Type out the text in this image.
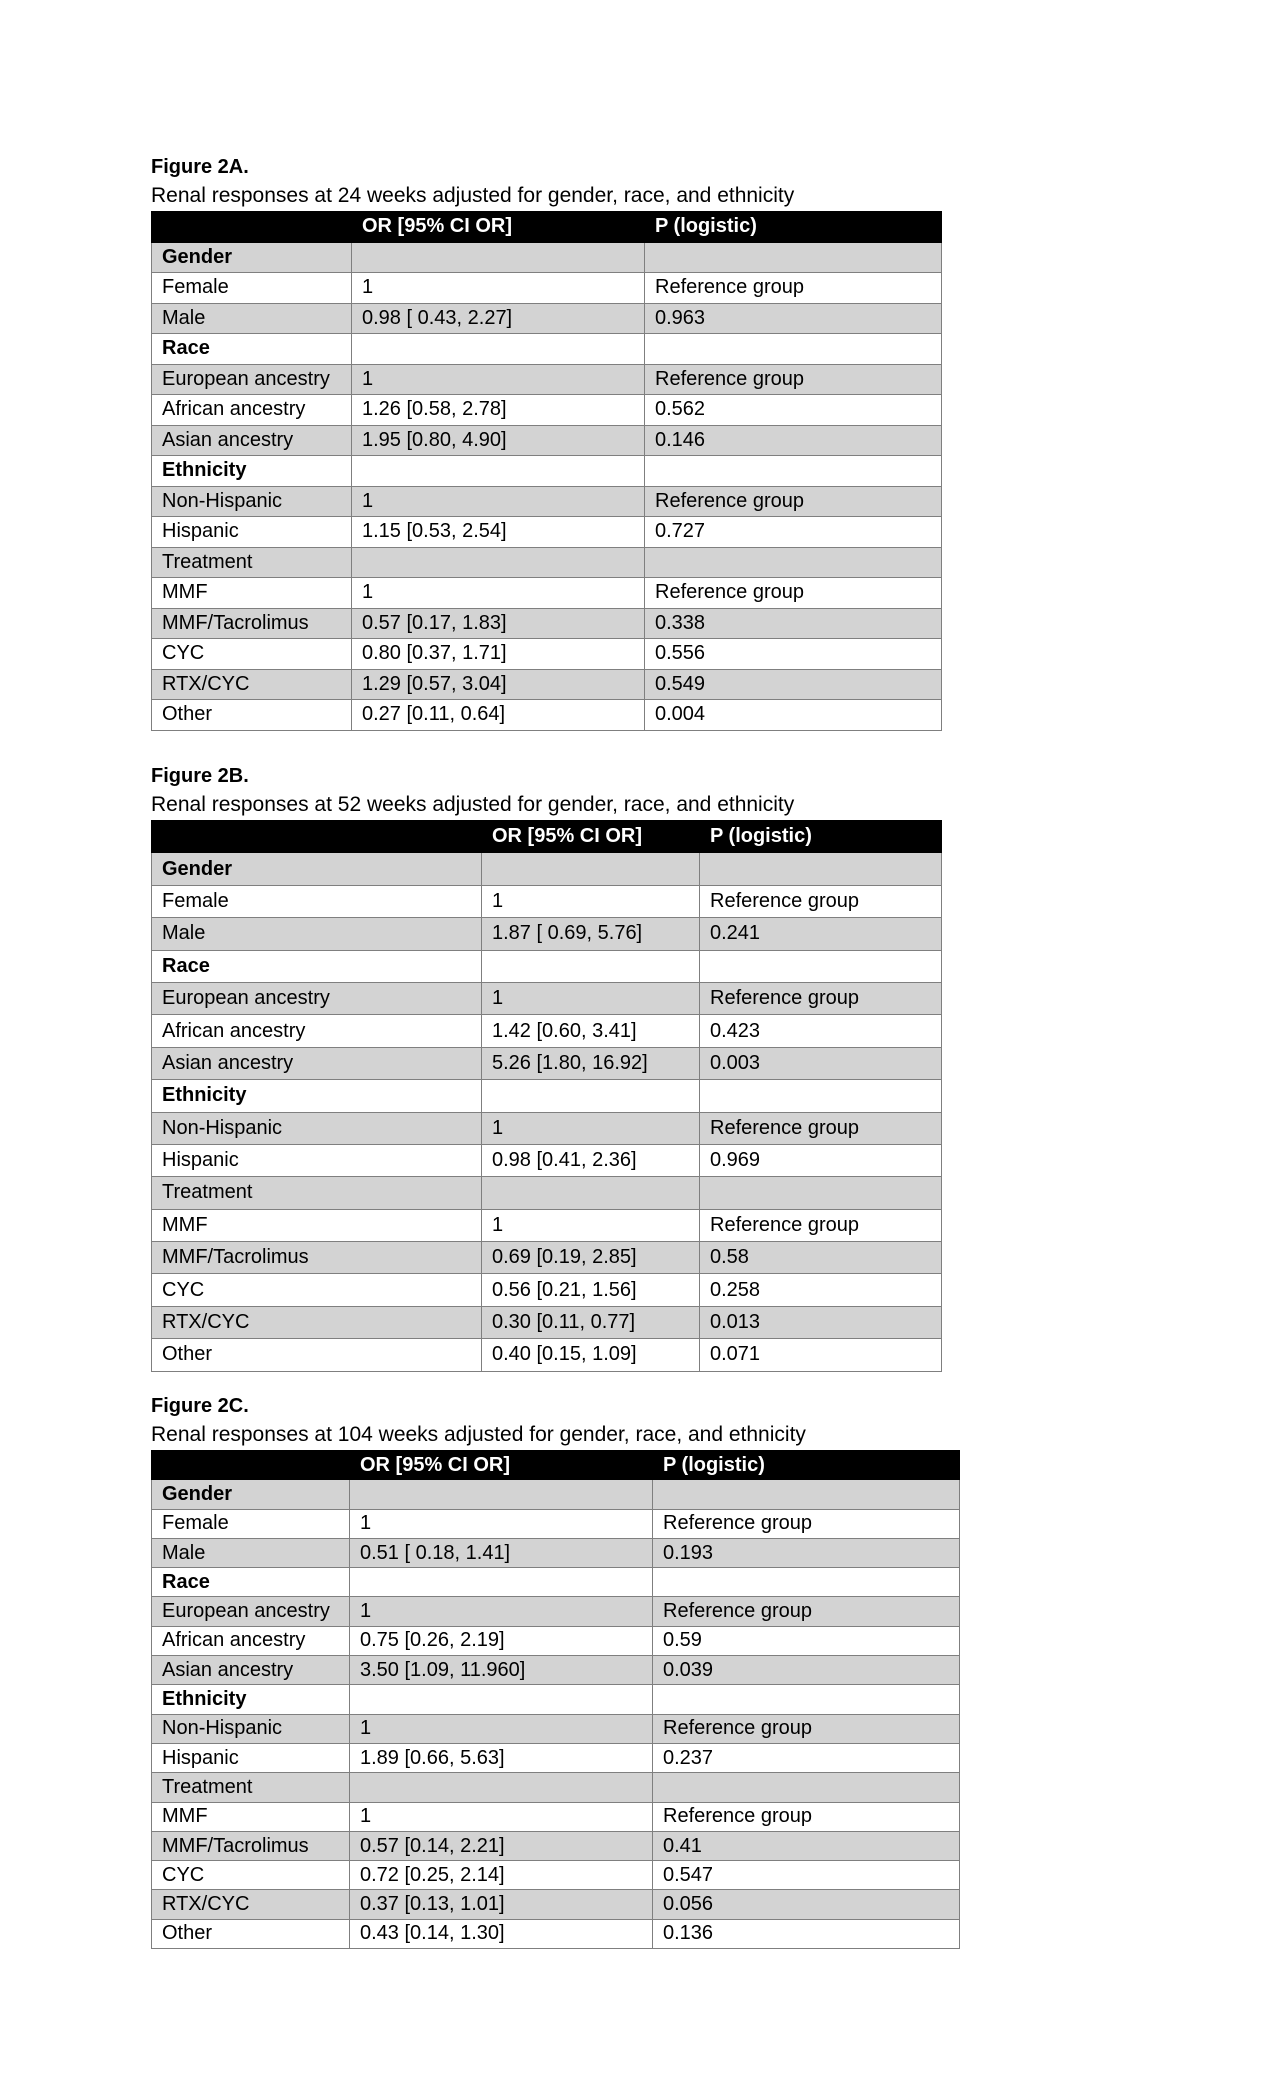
Figure 2A.
Renal responses at 24 weeks adjusted for gender, race, and ethnicity
	OR [95% CI OR]	P (logistic)
Gender		
Female	1	Reference group
Male	0.98 [ 0.43, 2.27]	0.963
Race		
European ancestry	1	Reference group
African ancestry	1.26 [0.58, 2.78]	0.562
Asian ancestry	1.95 [0.80, 4.90]	0.146
Ethnicity		
Non-Hispanic	1	Reference group
Hispanic	1.15 [0.53, 2.54]	0.727
Treatment		
MMF	1	Reference group
MMF/Tacrolimus	0.57 [0.17, 1.83]	0.338
CYC	0.80 [0.37, 1.71]	0.556
RTX/CYC	1.29 [0.57, 3.04]	0.549
Other	0.27 [0.11, 0.64]	0.004
Figure 2B.
Renal responses at 52 weeks adjusted for gender, race, and ethnicity
	OR [95% CI OR]	P (logistic)
Gender		
Female	1	Reference group
Male	1.87 [ 0.69, 5.76]	0.241
Race		
European ancestry	1	Reference group
African ancestry	1.42 [0.60, 3.41]	0.423
Asian ancestry	5.26 [1.80, 16.92]	0.003
Ethnicity		
Non-Hispanic	1	Reference group
Hispanic	0.98 [0.41, 2.36]	0.969
Treatment		
MMF	1	Reference group
MMF/Tacrolimus	0.69 [0.19, 2.85]	0.58
CYC	0.56 [0.21, 1.56]	0.258
RTX/CYC	0.30 [0.11, 0.77]	0.013
Other	0.40 [0.15, 1.09]	0.071
Figure 2C.
Renal responses at 104 weeks adjusted for gender, race, and ethnicity
	OR [95% CI OR]	P (logistic)
Gender		
Female	1	Reference group
Male	0.51 [ 0.18, 1.41]	0.193
Race		
European ancestry	1	Reference group
African ancestry	0.75 [0.26, 2.19]	0.59
Asian ancestry	3.50 [1.09, 11.960]	0.039
Ethnicity		
Non-Hispanic	1	Reference group
Hispanic	1.89 [0.66, 5.63]	0.237
Treatment		
MMF	1	Reference group
MMF/Tacrolimus	0.57 [0.14, 2.21]	0.41
CYC	0.72 [0.25, 2.14]	0.547
RTX/CYC	0.37 [0.13, 1.01]	0.056
Other	0.43 [0.14, 1.30]	0.136
